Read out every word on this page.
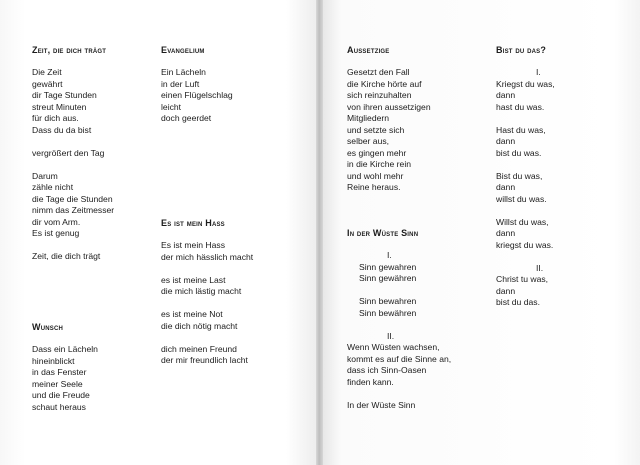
Zeit, die dich trägt
Die Zeit
gewährt
dir Tage Stunden
streut Minuten
für dich aus.
Dass du da bist
vergrößert den Tag
Darum
zähle nicht
die Tage die Stunden
nimm das Zeitmesser
dir vom Arm.
Es ist genug
Zeit, die dich trägt
Wunsch
Dass ein Lächeln
hineinblickt
in das Fenster
meiner Seele
und die Freude
schaut heraus
Evangelium
Ein Lächeln
in der Luft
einen Flügelschlag
leicht
doch geerdet
Es ist mein Hass
Es ist mein Hass
der mich hässlich macht
es ist meine Last
die mich lästig macht
es ist meine Not
die dich nötig macht
dich meinen Freund
der mir freundlich lacht
Aussetzige
Gesetzt den Fall
die Kirche hörte auf
sich reinzuhalten
von ihren aussetzigen
Mitgliedern
und setzte sich
selber aus,
es gingen mehr
in die Kirche rein
und wohl mehr
Reine heraus.
In der Wüste Sinn
I.
Sinn gewahren
Sinn gewähren
Sinn bewahren
Sinn bewähren
II.
Wenn Wüsten wachsen,
kommt es auf die Sinne an,
dass ich Sinn-Oasen
finden kann.
In der Wüste Sinn
Bist du das?
I.
Kriegst du was,
dann
hast du was.
Hast du was,
dann
bist du was.
Bist du was,
dann
willst du was.
Willst du was,
dann
kriegst du was.
II.
Christ tu was,
dann
bist du das.
